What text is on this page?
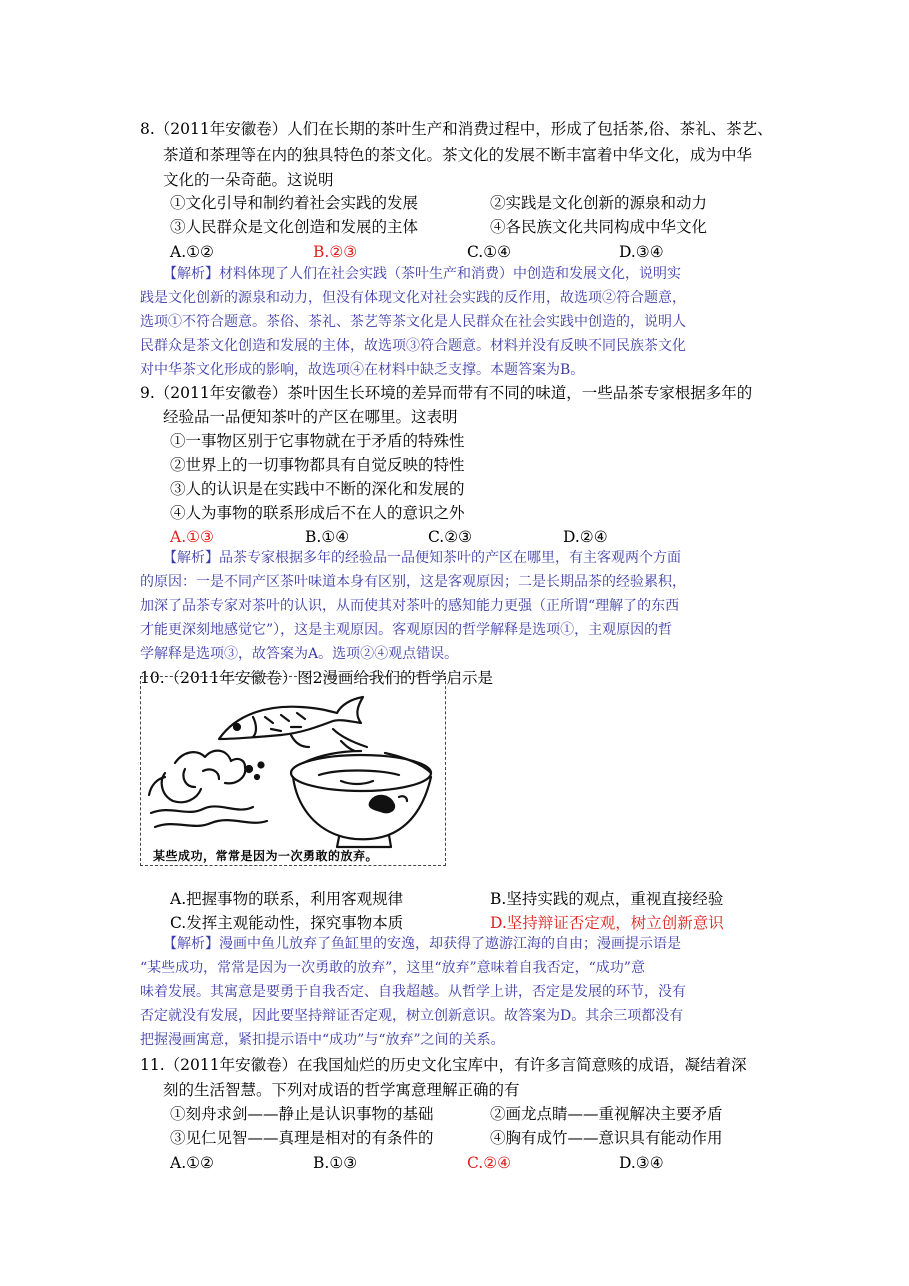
8.（2011年安徽卷）人们在长期的茶叶生产和消费过程中，形成了包括茶,俗、茶礼、茶艺、
茶道和茶理等在内的独具特色的茶文化。茶文化的发展不断丰富着中华文化，成为中华
文化的一朵奇葩。这说明
①文化引导和制约着社会实践的发展	②实践是文化创新的源泉和动力
③人民群众是文化创造和发展的主体	④各民族文化共同构成中华文化
A.①②	B.②③	C.①④	D.③④
【解析】材料体现了人们在社会实践（茶叶生产和消费）中创造和发展文化，说明实
践是文化创新的源泉和动力，但没有体现文化对社会实践的反作用，故选项②符合题意，
选项①不符合题意。茶俗、茶礼、茶艺等茶文化是人民群众在社会实践中创造的，说明人
民群众是茶文化创造和发展的主体，故选项③符合题意。材料并没有反映不同民族茶文化
对中华茶文化形成的影响，故选项④在材料中缺乏支撑。本题答案为B。
9.（2011年安徽卷）茶叶因生长环境的差异而带有不同的味道，一些品茶专家根据多年的
经验品一品便知茶叶的产区在哪里。这表明
①一事物区别于它事物就在于矛盾的特殊性
②世界上的一切事物都具有自觉反映的特性
③人的认识是在实践中不断的深化和发展的
④人为事物的联系形成后不在人的意识之外
A.①③	B.①④	C.②③	D.②④
【解析】品茶专家根据多年的经验品一品便知茶叶的产区在哪里，有主客观两个方面
的原因：一是不同产区茶叶味道本身有区别，这是客观原因；二是长期品茶的经验累积，
加深了品茶专家对茶叶的认识，从而使其对茶叶的感知能力更强（正所谓“理解了的东西
才能更深刻地感觉它”），这是主观原因。客观原因的哲学解释是选项①，主观原因的哲
学解释是选项③，故答案为A。选项②④观点错误。
10.（2011年安徽卷）图2漫画给我们的哲学启示是
某些成功，常常是因为一次勇敢的放弃。
A.把握事物的联系，利用客观规律	B.坚持实践的观点，重视直接经验
C.发挥主观能动性，探究事物本质	D.坚持辩证否定观，树立创新意识
【解析】漫画中鱼儿放弃了鱼缸里的安逸，却获得了遨游江海的自由；漫画提示语是
“某些成功，常常是因为一次勇敢的放弃”，这里“放弃”意味着自我否定，“成功”意
味着发展。其寓意是要勇于自我否定、自我超越。从哲学上讲，否定是发展的环节，没有
否定就没有发展，因此要坚持辩证否定观，树立创新意识。故答案为D。其余三项都没有
把握漫画寓意，紧扣提示语中“成功”与“放弃”之间的关系。
11.（2011年安徽卷）在我国灿烂的历史文化宝库中，有许多言简意赅的成语，凝结着深
刻的生活智慧。下列对成语的哲学寓意理解正确的有
①刻舟求剑——静止是认识事物的基础	②画龙点睛——重视解决主要矛盾
③见仁见智——真理是相对的有条件的	④胸有成竹——意识具有能动作用
A.①②	B.①③	C.②④	D.③④
